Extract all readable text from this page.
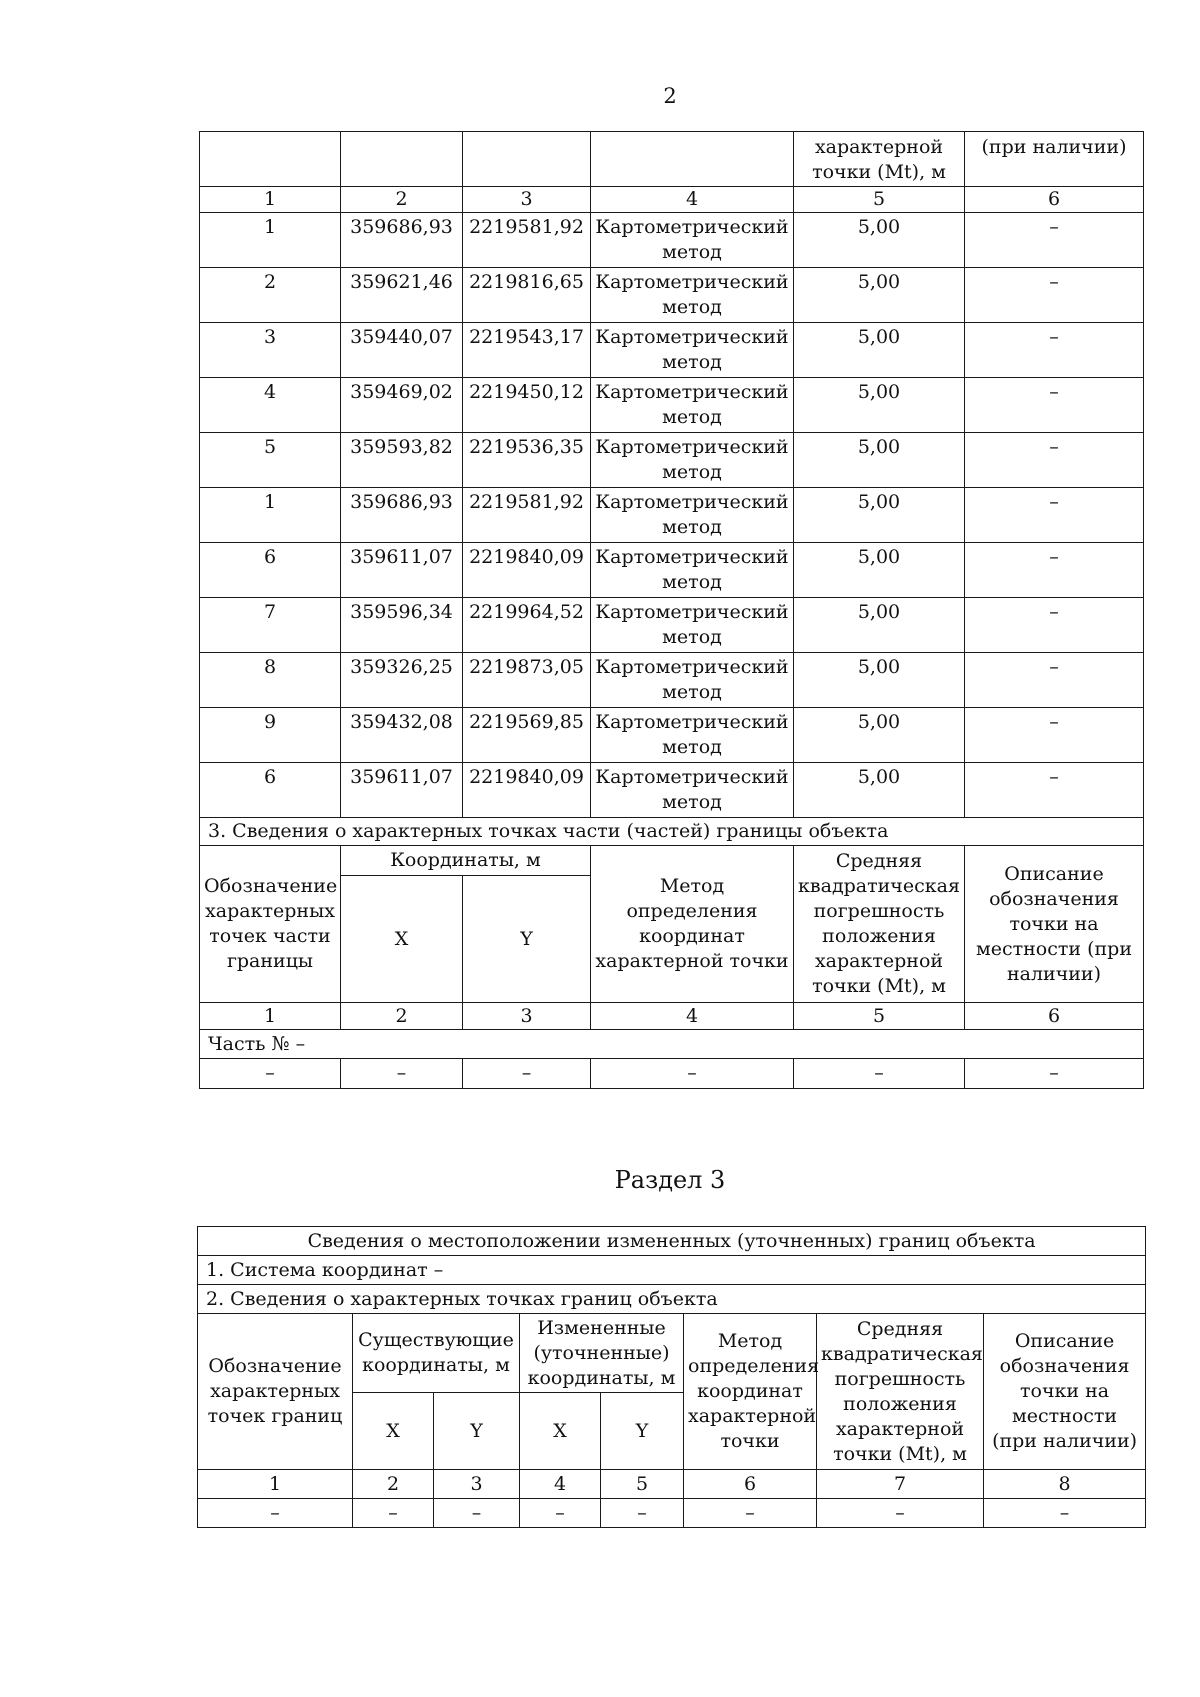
2
				характерной точки (Mt), м	(при наличии)
1	2	3	4	5	6
1	359686,93	2219581,92	Картометрический метод	5,00	–
2	359621,46	2219816,65	Картометрический метод	5,00	–
3	359440,07	2219543,17	Картометрический метод	5,00	–
4	359469,02	2219450,12	Картометрический метод	5,00	–
5	359593,82	2219536,35	Картометрический метод	5,00	–
1	359686,93	2219581,92	Картометрический метод	5,00	–
6	359611,07	2219840,09	Картометрический метод	5,00	–
7	359596,34	2219964,52	Картометрический метод	5,00	–
8	359326,25	2219873,05	Картометрический метод	5,00	–
9	359432,08	2219569,85	Картометрический метод	5,00	–
6	359611,07	2219840,09	Картометрический метод	5,00	–
3. Сведения о характерных точках части (частей) границы объекта					
Обозначение характерных точек части границы	Координаты, м		Метод определения координат характерной точки	Средняя квадратическая погрешность положения характерной точки (Mt), м	Описание обозначения точки на местности (при наличии)
	X	Y			
1	2	3	4	5	6
Часть № –					
–	–	–	–	–	–
Раздел 3
Сведения о местоположении измененных (уточненных) границ объекта							
1. Система координат –							
2. Сведения о характерных точках границ объекта							
Обозначение характерных точек границ	Существующие координаты, м		Измененные (уточненные) координаты, м		Метод определения координат характерной точки	Средняя квадратическая погрешность положения характерной точки (Mt), м	Описание обозначения точки на местности (при наличии)
	X	Y	X	Y			
1	2	3	4	5	6	7	8
–	–	–	–	–	–	–	–
